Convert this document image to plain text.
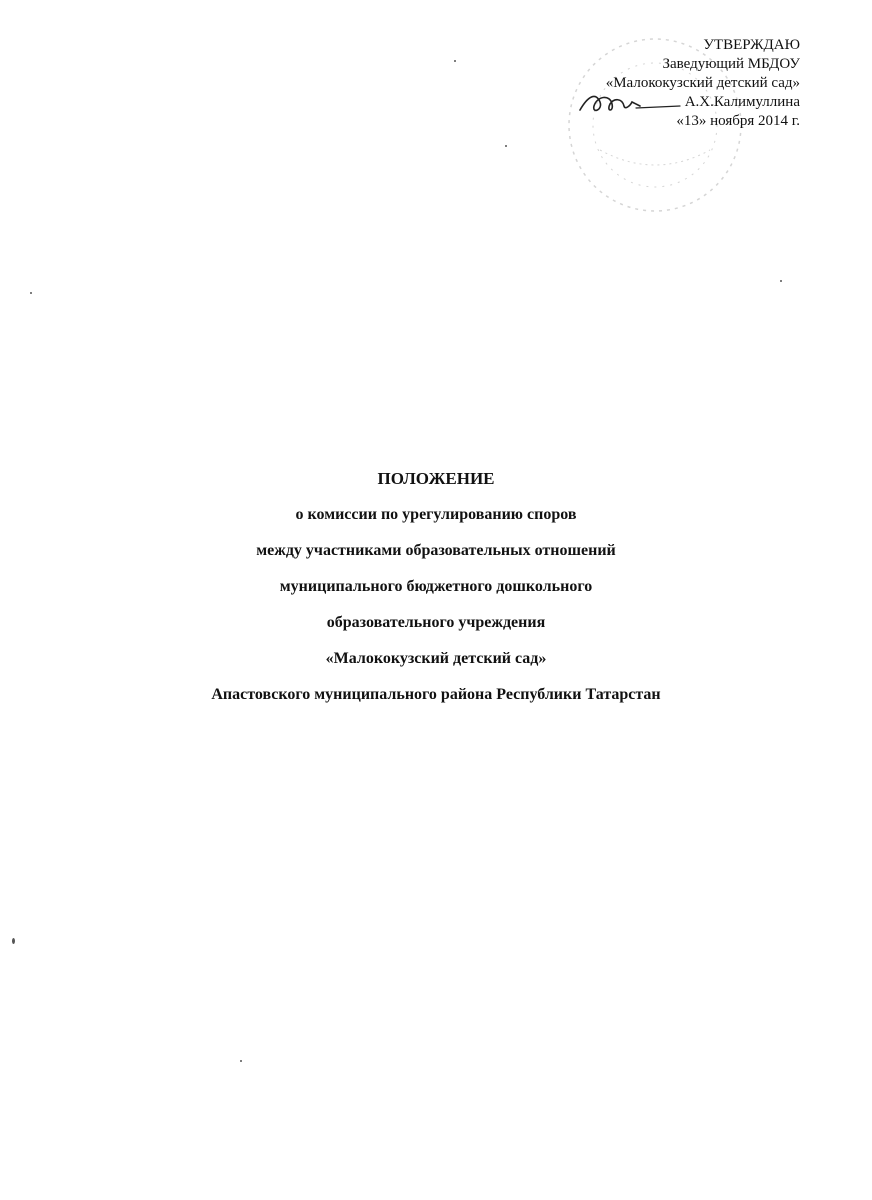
УТВЕРЖДАЮ
Заведующий МБДОУ
«Малококузский детский сад»
А.Х.Калимуллина
«13» ноября 2014 г.
ПОЛОЖЕНИЕ
о комиссии по урегулированию споров
между участниками образовательных отношений
муниципального бюджетного дошкольного
образовательного учреждения
«Малококузский детский сад»
Апастовского муниципального района Республики Татарстан
